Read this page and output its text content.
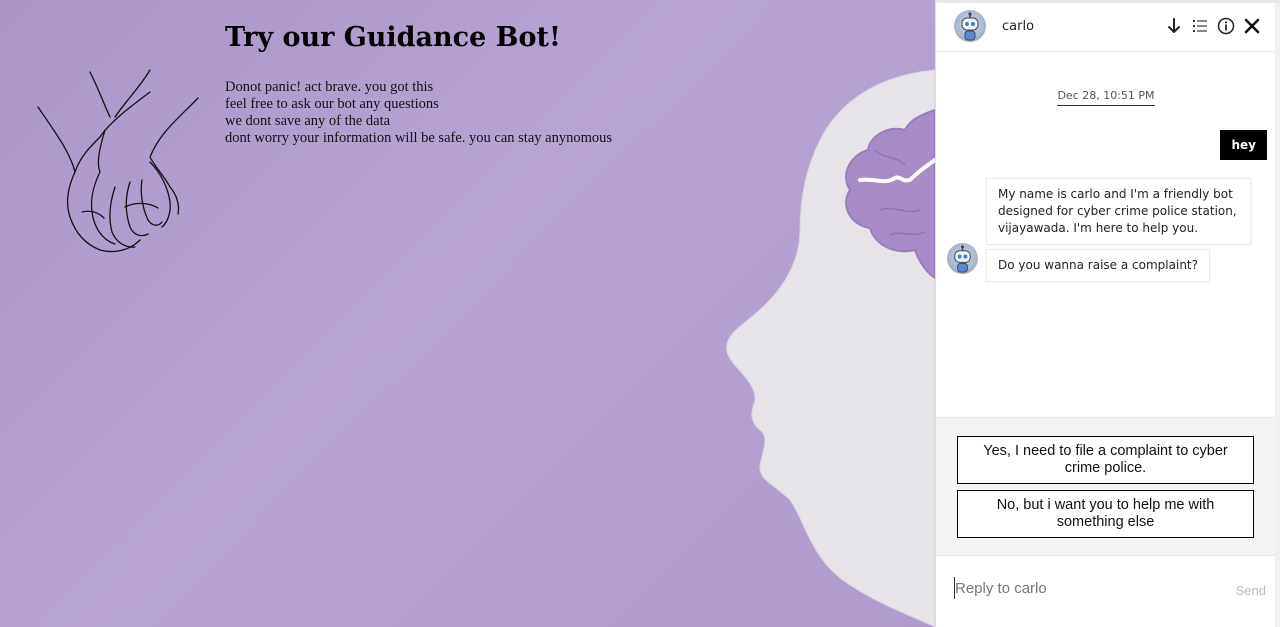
Try our Guidance Bot!
Donot panic! act brave. you got this
feel free to ask our bot any questions
we dont save any of the data
dont worry your information will be safe. you can stay anynomous
carlo
Dec 28, 10:51 PM
hey
My name is carlo and I'm a friendly bot designed for cyber crime police station, vijayawada. I'm here to help you.
Do you wanna raise a complaint?
Yes, I need to file a complaint to cyber crime police.
No, but i want you to help me with something else
Reply to carlo
Send
